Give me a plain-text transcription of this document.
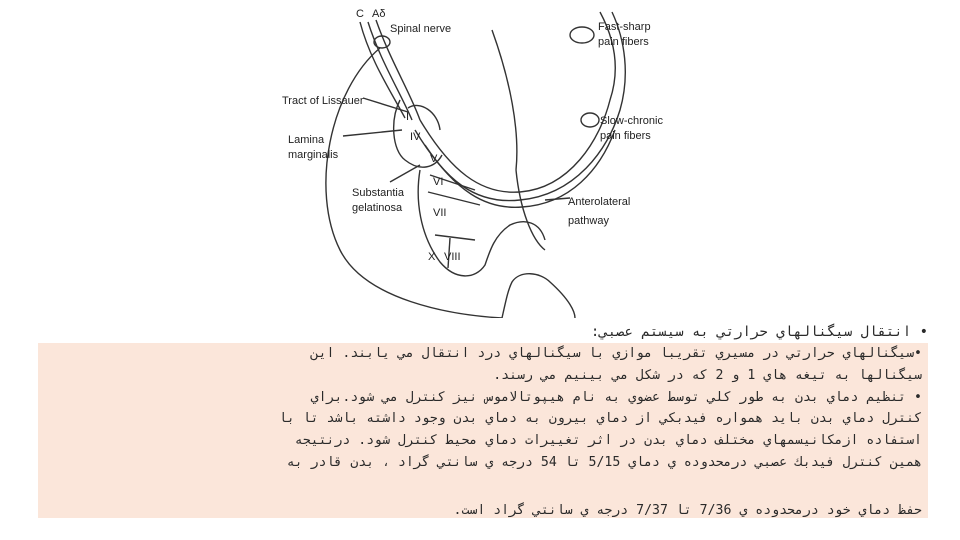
C Aδ
Spinal nerve	Fast-sharp
pain fibers
Tract of Lissauer
Lamina
marginalis
Slow-chronic
pain fibers
Substantia
gelatinosa	Anterolateral
pathway
VII
X VIII
VI
V
IV
I
• انتقال سيگنالهاي حرارتي به سيستم عصبي:

•سيگنالهاي حرارتي در مسيري تقريبا موازي با سيگنالهاي درد انتقال مي يابند. اين

سيگنالها به تيغه هاي 1 و 2 كه در شكل مي بينيم مي رسند.

• تنظيم دماي بدن به طور كلي توسط عضوي به نام هيپوتالاموس نيز كنترل مي شود.براي

كنترل دماي بدن بايد همواره فيدبكي از دماي بيرون به دماي بدن وجود داشته باشد تا با

استفاده ازمكانيسمهاي مختلف دماي بدن در اثر تغييرات دماي محيط كنترل شود. درنتيجه

همين كنترل فيدبك عصبي درمحدوده ي دماي 5/15 تا 54 درجه ي سانتي گراد ، بدن قادر به

حفظ دماي خود درمحدوده ي 7/36 تا 7/37 درجه ي سانتي گراد است.
